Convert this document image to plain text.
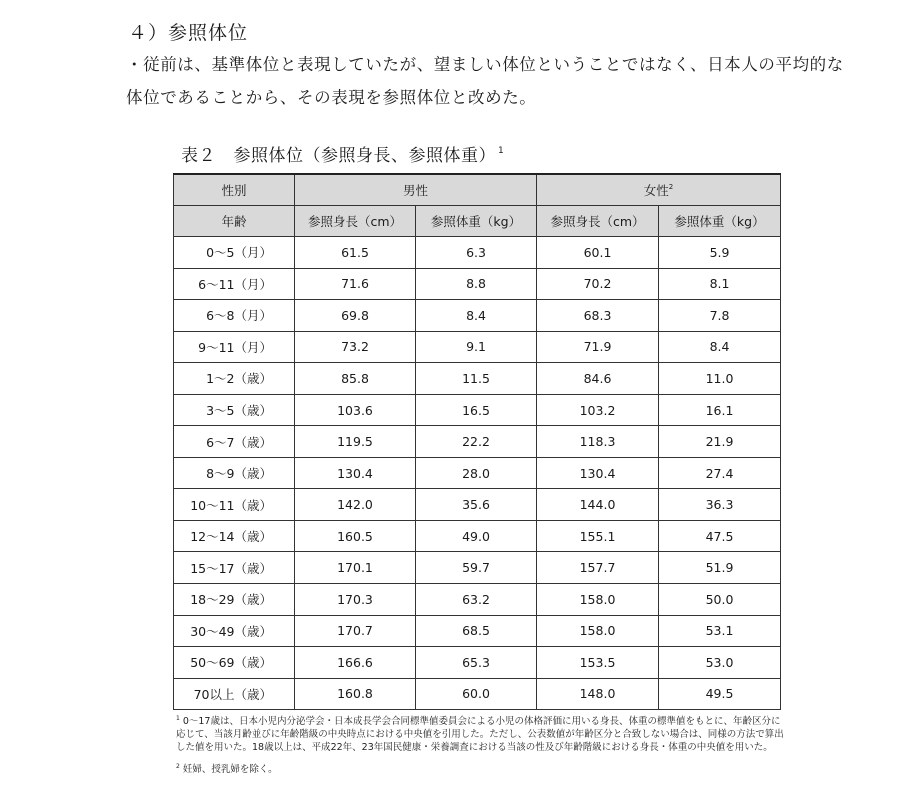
４）参照体位
・従前は、基準体位と表現していたが、望ましい体位ということではなく、日本人の平均的な体位であることから、その表現を参照体位と改めた。
表２　参照体位（参照身長、参照体重） $^1$
性別	男性		女性$^2$
年齢	参照身長（cm）	参照体重（kg）	参照身長（cm）	参照体重（kg）
0～5（月）	61.5	6.3	60.1	5.9
6～11（月）	71.6	8.8	70.2	8.1
6～8（月）	69.8	8.4	68.3	7.8
9～11（月）	73.2	9.1	71.9	8.4
1～2（歳）	85.8	11.5	84.6	11.0
3～5（歳）	103.6	16.5	103.2	16.1
6～7（歳）	119.5	22.2	118.3	21.9
8～9（歳）	130.4	28.0	130.4	27.4
10～11（歳）	142.0	35.6	144.0	36.3
12～14（歳）	160.5	49.0	155.1	47.5
15～17（歳）	170.1	59.7	157.7	51.9
18～29（歳）	170.3	63.2	158.0	50.0
30～49（歳）	170.7	68.5	158.0	53.1
50～69（歳）	166.6	65.3	153.5	53.0
70以上（歳）	160.8	60.0	148.0	49.5
$^1$ 0～17歳は、日本小児内分泌学会・日本成長学会合同標準値委員会による小児の体格評価に用いる身長、体重の標準値をもとに、年齢区分に応じて、当該月齢並びに年齢階級の中央時点における中央値を引用した。ただし、公表数値が年齢区分と合致しない場合は、同様の方法で算出した値を用いた。18歳以上は、平成22年、23年国民健康・栄養調査における当該の性及び年齢階級における身長・体重の中央値を用いた。
$^2$ 妊婦、授乳婦を除く。
